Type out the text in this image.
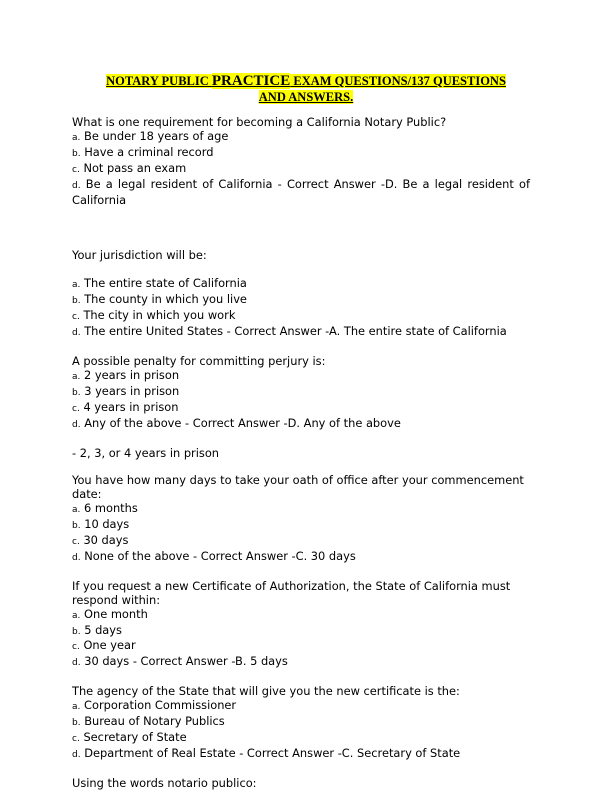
NOTARY PUBLIC PRACTICE EXAM QUESTIONS/137 QUESTIONS
AND ANSWERS.

What is one requirement for becoming a California Notary Public?

a. Be under 18 years of age

b. Have a criminal record

c. Not pass an exam

d. Be a legal resident of California - Correct Answer -D. Be a legal resident of California

Your jurisdiction will be:

a. The entire state of California

b. The county in which you live

c. The city in which you work

d. The entire United States - Correct Answer -A. The entire state of California

A possible penalty for committing perjury is:

a. 2 years in prison

b. 3 years in prison

c. 4 years in prison

d. Any of the above - Correct Answer -D. Any of the above

- 2, 3, or 4 years in prison

You have how many days to take your oath of office after your commencement date:

a. 6 months

b. 10 days

c. 30 days

d. None of the above - Correct Answer -C. 30 days

If you request a new Certificate of Authorization, the State of California must respond within:

a. One month

b. 5 days

c. One year

d. 30 days - Correct Answer -B. 5 days

The agency of the State that will give you the new certificate is the:

a. Corporation Commissioner

b. Bureau of Notary Publics

c. Secretary of State

d. Department of Real Estate - Correct Answer -C. Secretary of State

Using the words notario publico:
